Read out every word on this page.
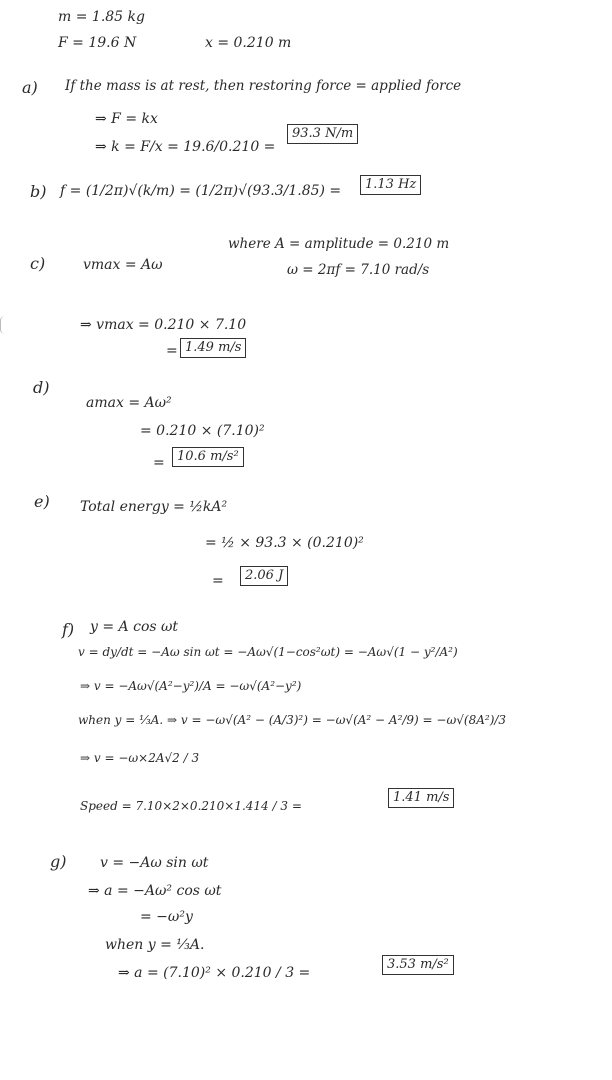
m = 1.85 kg
F = 19.6 N	x = 0.210 m
a) If the mass is at rest, then restoring force = applied force
⇒ F = kx
⇒ k = F/x = 19.6/0.210 =
93.3 N/m
b) f = (1/2π)√(k/m) = (1/2π)√(93.3/1.85) =	1.13 Hz
c)	vmax = Aω
where A = amplitude = 0.210 m
ω = 2πf = 7.10 rad/s
⇒ vmax = 0.210 × 7.10
= 1.49 m/s
d)
amax = Aω²
= 0.210 × (7.10)²
= 10.6 m/s²
e) Total energy = ½kA²
= ½ × 93.3 × (0.210)²
=	2.06 J
f) y = A cos ωt
v = dy/dt = −Aω sin ωt = −Aω√(1−cos²ωt) = −Aω√(1 − y²/A²)
⇒ v = −Aω√(A²−y²)/A = −ω√(A²−y²)
when y = ⅓A. ⇒ v = −ω√(A² − (A/3)²) = −ω√(A² − A²/9) = −ω√(8A²)/3
⇒ v = −ω×2A√2 / 3
Speed = 7.10×2×0.210×1.414 / 3 =
1.41 m/s
g) v = −Aω sin ωt
⇒ a = −Aω² cos ωt
= −ω²y
when y = ⅓A.
⇒ a = (7.10)² × 0.210 / 3 =
3.53 m/s²
